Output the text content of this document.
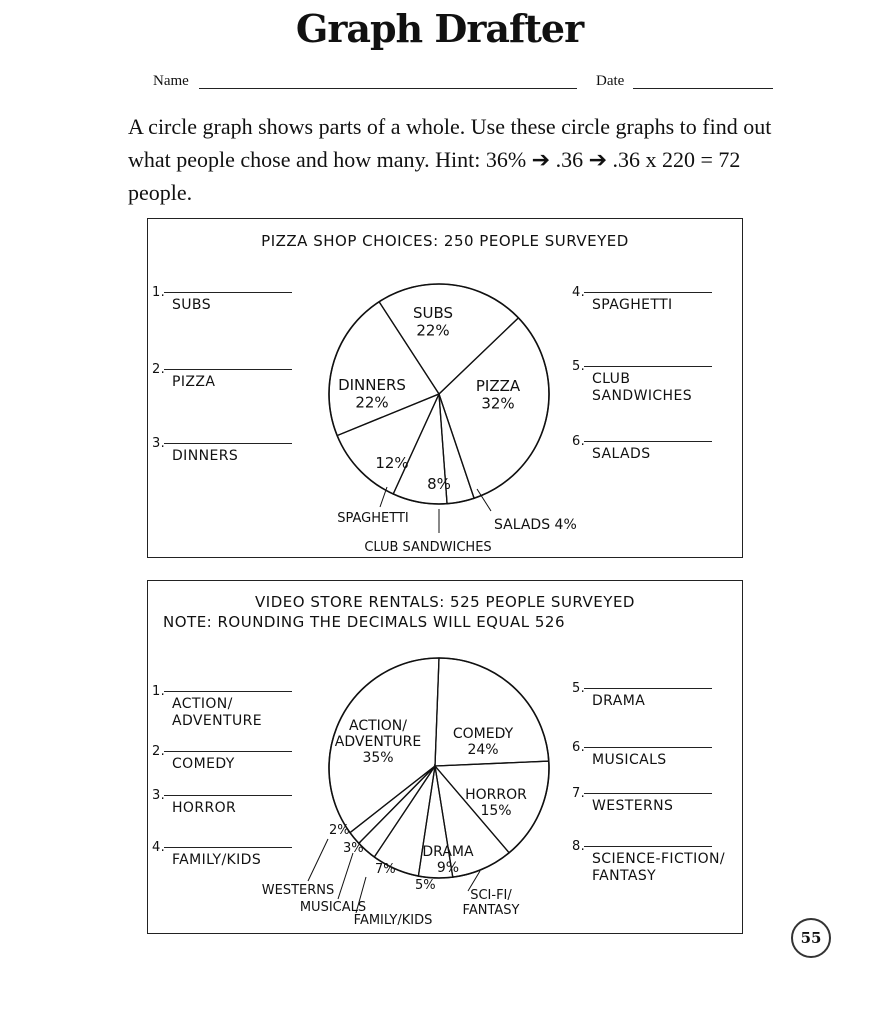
Graph Drafter
Name	Date
A circle graph shows parts of a whole. Use these circle graphs to find out what people chose and how many. Hint: 36% ➔ .36 ➔ .36 x 220 = 72 people.
PIZZA SHOP CHOICES: 250 PEOPLE SURVEYED
1.
SUBS
2.
PIZZA
3.
DINNERS
4.
SPAGHETTI
5.
CLUB
SANDWICHES
6.
SALADS
SUBS 22%
PIZZA 32%
SALADS 4%
8%
CLUB SANDWICHES
12%
SPAGHETTI
DINNERS 22%
VIDEO STORE RENTALS: 525 PEOPLE SURVEYED
NOTE: ROUNDING THE DECIMALS WILL EQUAL 526
1.
ACTION/
ADVENTURE
2.
COMEDY
3.
HORROR
4.
FAMILY/KIDS
5.
DRAMA
6.
MUSICALS
7.
WESTERNS
8.
SCIENCE-FICTION/
FANTASY
COMEDY 24%
HORROR 15%
DRAMA 9%
5%
7%
3%
2%
ACTION/ ADVENTURE 35%
WESTERNS
MUSICALS
FAMILY/KIDS
SCI-FI/ FANTASY
55
